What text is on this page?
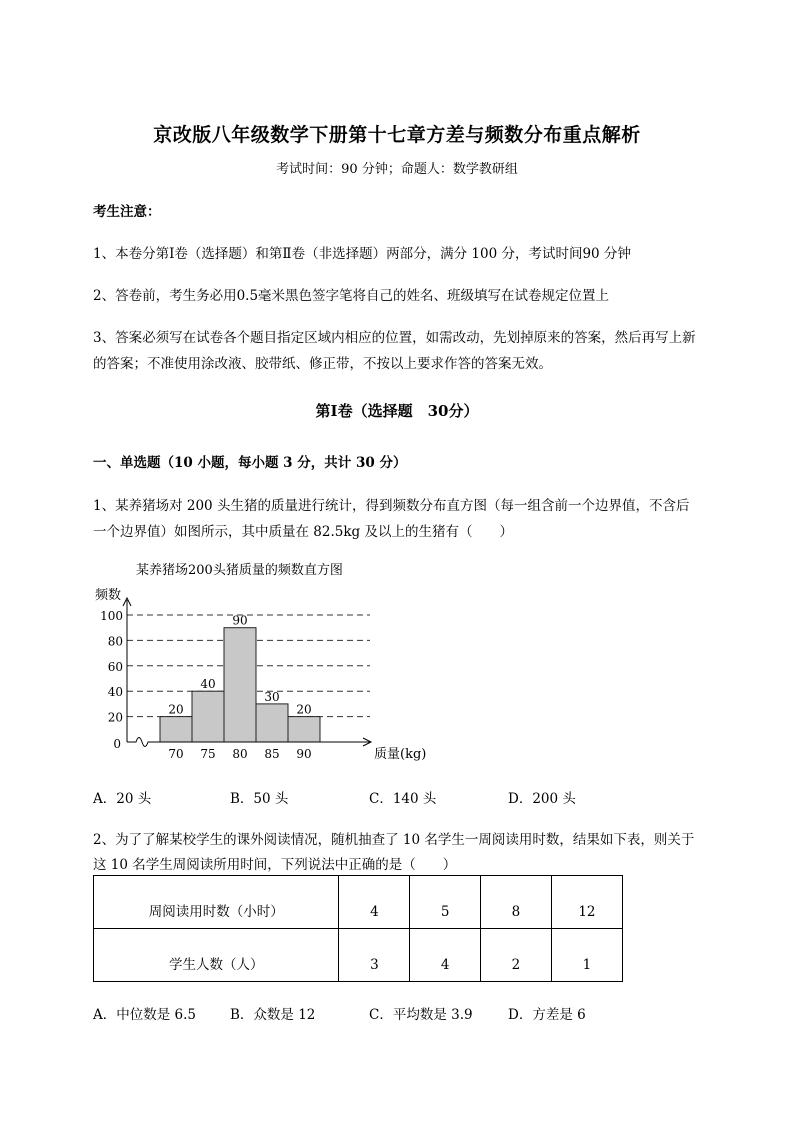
京改版八年级数学下册第十七章方差与频数分布重点解析
考试时间：90 分钟；命题人：数学教研组
考生注意：
1、本卷分第Ⅰ卷（选择题）和第Ⅱ卷（非选择题）两部分，满分 100 分，考试时间90 分钟
2、答卷前，考生务必用0.5毫米黑色签字笔将自己的姓名、班级填写在试卷规定位置上
3、答案必须写在试卷各个题目指定区域内相应的位置，如需改动，先划掉原来的答案，然后再写上新
的答案；不准使用涂改液、胶带纸、修正带，不按以上要求作答的答案无效。
第Ⅰ卷（选择题　30分）
一、单选题（10 小题，每小题 3 分，共计 30 分）
1、某养猪场对 200 头生猪的质量进行统计，得到频数分布直方图（每一组含前一个边界值，不含后
一个边界值）如图所示，其中质量在 82.5kg 及以上的生猪有（　　）
某养猪场200头猪质量的频数直方图
频数
质量(kg)
20
40
60
80
100
20
70
40
75
90
80
30
85
20
90
0
A．20 头	B．50 头	C．140 头	D．200 头
2、为了了解某校学生的课外阅读情况，随机抽查了 10 名学生一周阅读用时数，结果如下表，则关于
这 10 名学生周阅读所用时间，下列说法中正确的是（　　）
周阅读用时数（小时）	4	5	8	12
学生人数（人）	3	4	2	1
A．中位数是 6.5	B．众数是 12	C．平均数是 3.9	D．方差是 6
